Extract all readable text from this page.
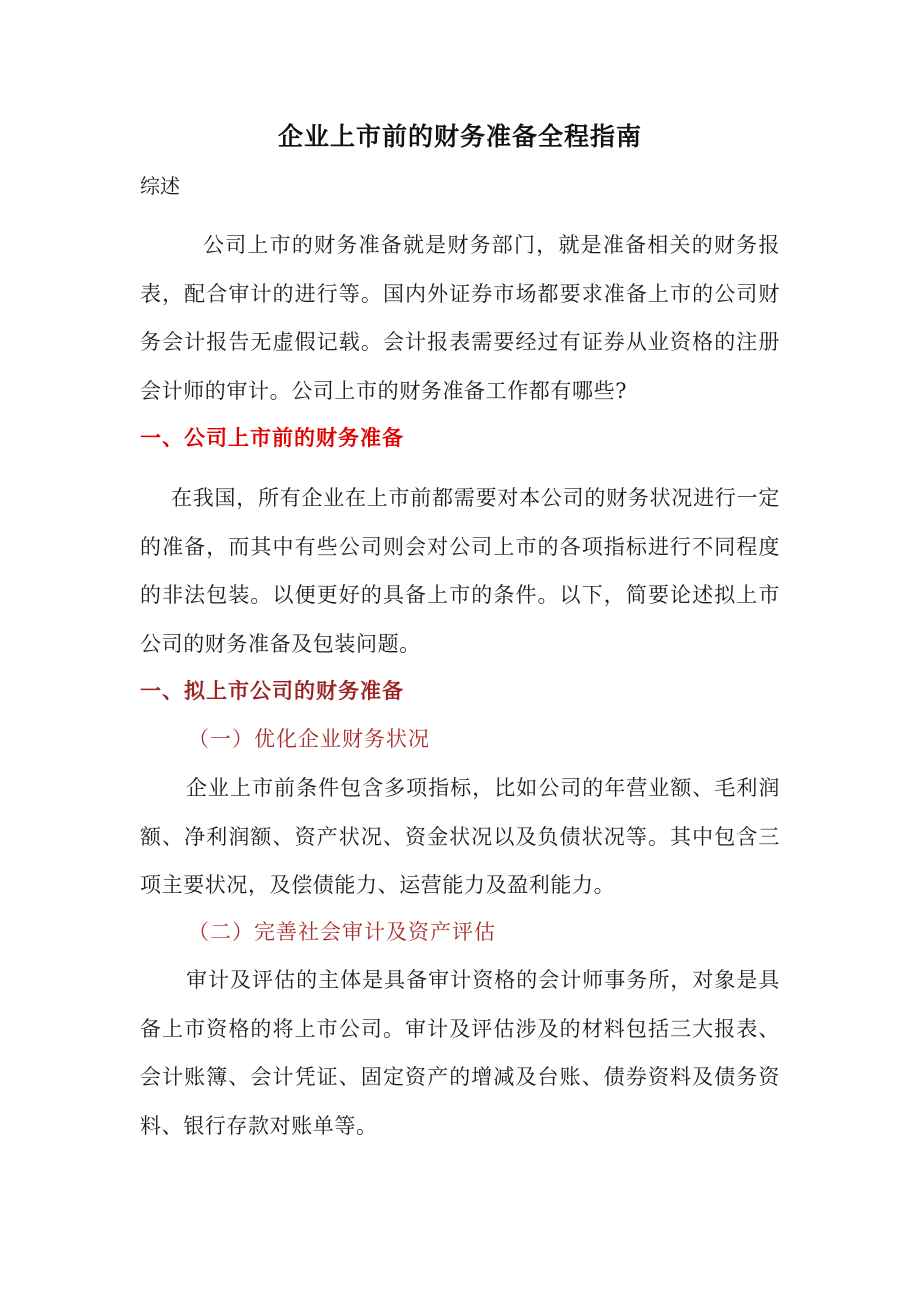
企业上市前的财务准备全程指南
综述

公司上市的财务准备就是财务部门，就是准备相关的财务报表，配合审计的进行等。国内外证券市场都要求准备上市的公司财务会计报告无虚假记载。会计报表需要经过有证券从业资格的注册会计师的审计。公司上市的财务准备工作都有哪些?

一、公司上市前的财务准备

在我国，所有企业在上市前都需要对本公司的财务状况进行一定的准备，而其中有些公司则会对公司上市的各项指标进行不同程度的非法包装。以便更好的具备上市的条件。以下，简要论述拟上市公司的财务准备及包装问题。

一、拟上市公司的财务准备
（一）优化企业财务状况

企业上市前条件包含多项指标，比如公司的年营业额、毛利润额、净利润额、资产状况、资金状况以及负债状况等。其中包含三项主要状况，及偿债能力、运营能力及盈利能力。

（二）完善社会审计及资产评估

审计及评估的主体是具备审计资格的会计师事务所，对象是具备上市资格的将上市公司。审计及评估涉及的材料包括三大报表、会计账簿、会计凭证、固定资产的增减及台账、债券资料及债务资料、银行存款对账单等。
